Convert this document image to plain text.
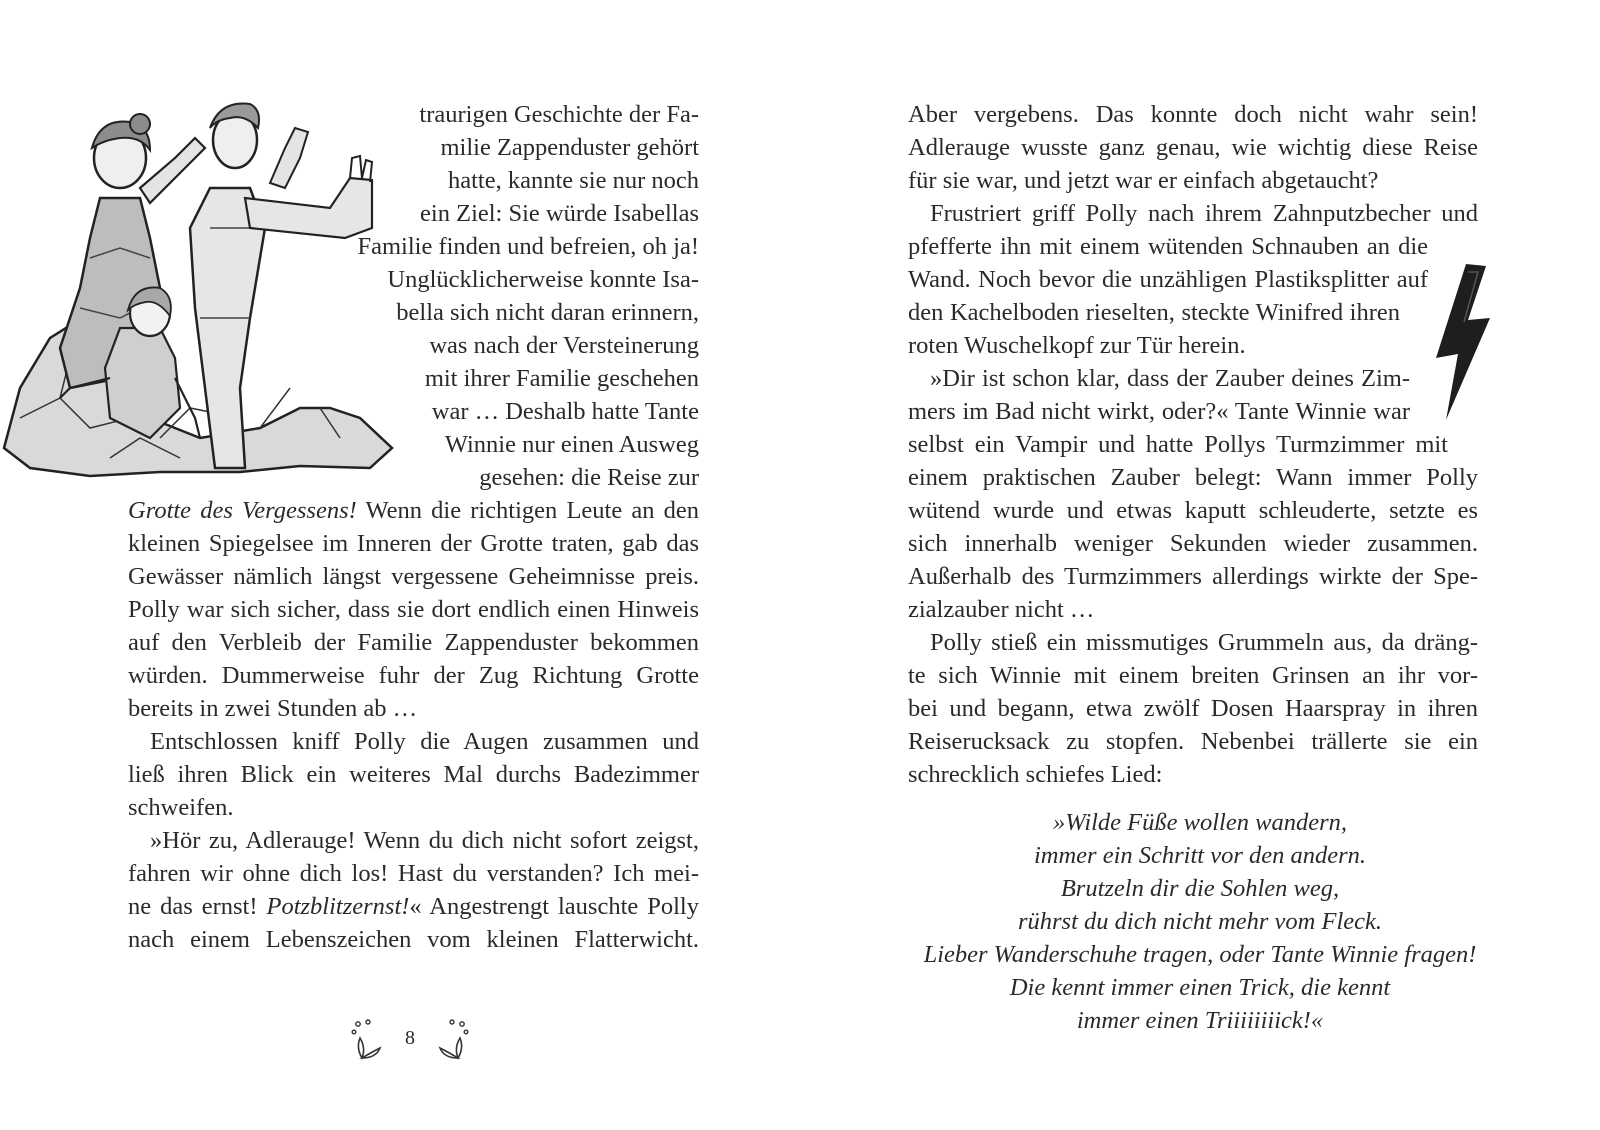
traurigen Geschichte der Fa-
milie Zappenduster gehört
hatte, kannte sie nur noch
ein Ziel: Sie würde Isabellas
Familie finden und befreien, oh ja!
Unglücklicherweise konnte Isa-
bella sich nicht daran erinnern,
was nach der Versteinerung
mit ihrer Familie geschehen
war … Deshalb hatte Tante
Winnie nur einen Ausweg
gesehen: die Reise zur
Grotte des Vergessens! Wenn die richtigen Leute an den
kleinen Spiegelsee im Inneren der Grotte traten, gab das
Gewässer nämlich längst vergessene Geheimnisse preis.
Polly war sich sicher, dass sie dort endlich einen Hinweis
auf den Verbleib der Familie Zappenduster bekommen
würden. Dummerweise fuhr der Zug Richtung Grotte
bereits in zwei Stunden ab …
Entschlossen kniff Polly die Augen zusammen und
ließ ihren Blick ein weiteres Mal durchs Badezimmer
schweifen.
»Hör zu, Adlerauge! Wenn du dich nicht sofort zeigst,
fahren wir ohne dich los! Hast du verstanden? Ich mei-
ne das ernst! Potzblitzernst!« Angestrengt lauschte Polly
nach einem Lebenszeichen vom kleinen Flatterwicht.
8
Aber vergebens. Das konnte doch nicht wahr sein!
Adlerauge wusste ganz genau, wie wichtig diese Reise
für sie war, und jetzt war er einfach abgetaucht?
Frustriert griff Polly nach ihrem Zahnputzbecher und
pfefferte ihn mit einem wütenden Schnauben an die
Wand. Noch bevor die unzähligen Plastiksplitter auf
den Kachelboden rieselten, steckte Winifred ihren
roten Wuschelkopf zur Tür herein.
»Dir ist schon klar, dass der Zauber deines Zim-
mers im Bad nicht wirkt, oder?« Tante Winnie war
selbst ein Vampir und hatte Pollys Turmzimmer mit
einem praktischen Zauber belegt: Wann immer Polly
wütend wurde und etwas kaputt schleuderte, setzte es
sich innerhalb weniger Sekunden wieder zusammen.
Außerhalb des Turmzimmers allerdings wirkte der Spe-
zialzauber nicht …
Polly stieß ein missmutiges Grummeln aus, da dräng-
te sich Winnie mit einem breiten Grinsen an ihr vor-
bei und begann, etwa zwölf Dosen Haarspray in ihren
Reiserucksack zu stopfen. Nebenbei trällerte sie ein
schrecklich schiefes Lied:
»Wilde Füße wollen wandern,
immer ein Schritt vor den andern.
Brutzeln dir die Sohlen weg,
rührst du dich nicht mehr vom Fleck.
Lieber Wanderschuhe tragen, oder Tante Winnie fragen!
Die kennt immer einen Trick, die kennt
immer einen Triiiiiiiick!«
